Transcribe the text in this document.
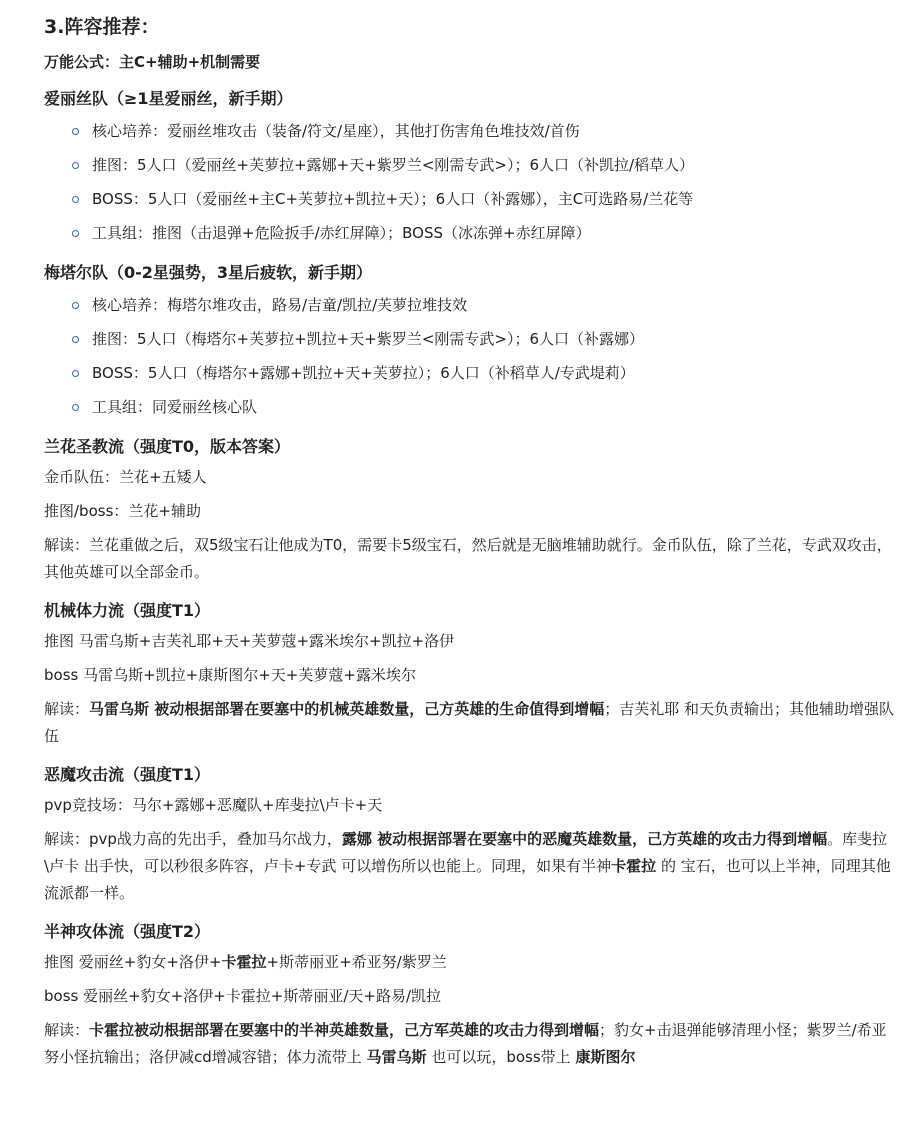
3.阵容推荐：
万能公式：主C+辅助+机制需要
爱丽丝队（≥1星爱丽丝，新手期）
核心培养：爱丽丝堆攻击（装备/符文/星座），其他打伤害角色堆技效/首伤
推图：5人口（爱丽丝+芙萝拉+露娜+天+紫罗兰<刚需专武>）；6人口（补凯拉/稻草人）
BOSS：5人口（爱丽丝+主C+芙萝拉+凯拉+天）；6人口（补露娜），主C可选路易/兰花等
工具组：推图（击退弹+危险扳手/赤红屏障）；BOSS（冰冻弹+赤红屏障）
梅塔尔队（0-2星强势，3星后疲软，新手期）
核心培养：梅塔尔堆攻击，路易/吉童/凯拉/芙萝拉堆技效
推图：5人口（梅塔尔+芙萝拉+凯拉+天+紫罗兰<刚需专武>）；6人口（补露娜）
BOSS：5人口（梅塔尔+露娜+凯拉+天+芙萝拉）；6人口（补稻草人/专武堤莉）
工具组：同爱丽丝核心队
兰花圣教流（强度T0，版本答案）

金币队伍：兰花+五矮人

推图/boss：兰花+辅助

解读：兰花重做之后，双5级宝石让他成为T0，需要卡5级宝石，然后就是无脑堆辅助就行。金币队伍，除了兰花，专武双攻击，其他英雄可以全部金币。

机械体力流（强度T1）

推图 马雷乌斯+吉芙礼耶+天+芙萝蔻+露米埃尔+凯拉+洛伊

boss 马雷乌斯+凯拉+康斯图尔+天+芙萝蔻+露米埃尔

解读：马雷乌斯 被动根据部署在要塞中的机械英雄数量，己方英雄的生命值得到增幅；吉芙礼耶 和天负责输出；其他辅助增强队伍

恶魔攻击流（强度T1）

pvp竞技场：马尔+露娜+恶魔队+库斐拉\卢卡+天

解读：pvp战力高的先出手，叠加马尔战力，露娜 被动根据部署在要塞中的恶魔英雄数量，己方英雄的攻击力得到增幅。库斐拉\卢卡 出手快，可以秒很多阵容，卢卡+专武 可以增伤所以也能上。同理，如果有半神卡霍拉 的 宝石，也可以上半神，同理其他流派都一样。

半神攻体流（强度T2）

推图 爱丽丝+豹女+洛伊+卡霍拉+斯蒂丽亚+希亚努/紫罗兰

boss 爱丽丝+豹女+洛伊+卡霍拉+斯蒂丽亚/天+路易/凯拉

解读：卡霍拉被动根据部署在要塞中的半神英雄数量，己方军英雄的攻击力得到增幅；豹女+击退弹能够清理小怪；紫罗兰/希亚努小怪抗输出；洛伊减cd增减容错；体力流带上 马雷乌斯 也可以玩，boss带上 康斯图尔
